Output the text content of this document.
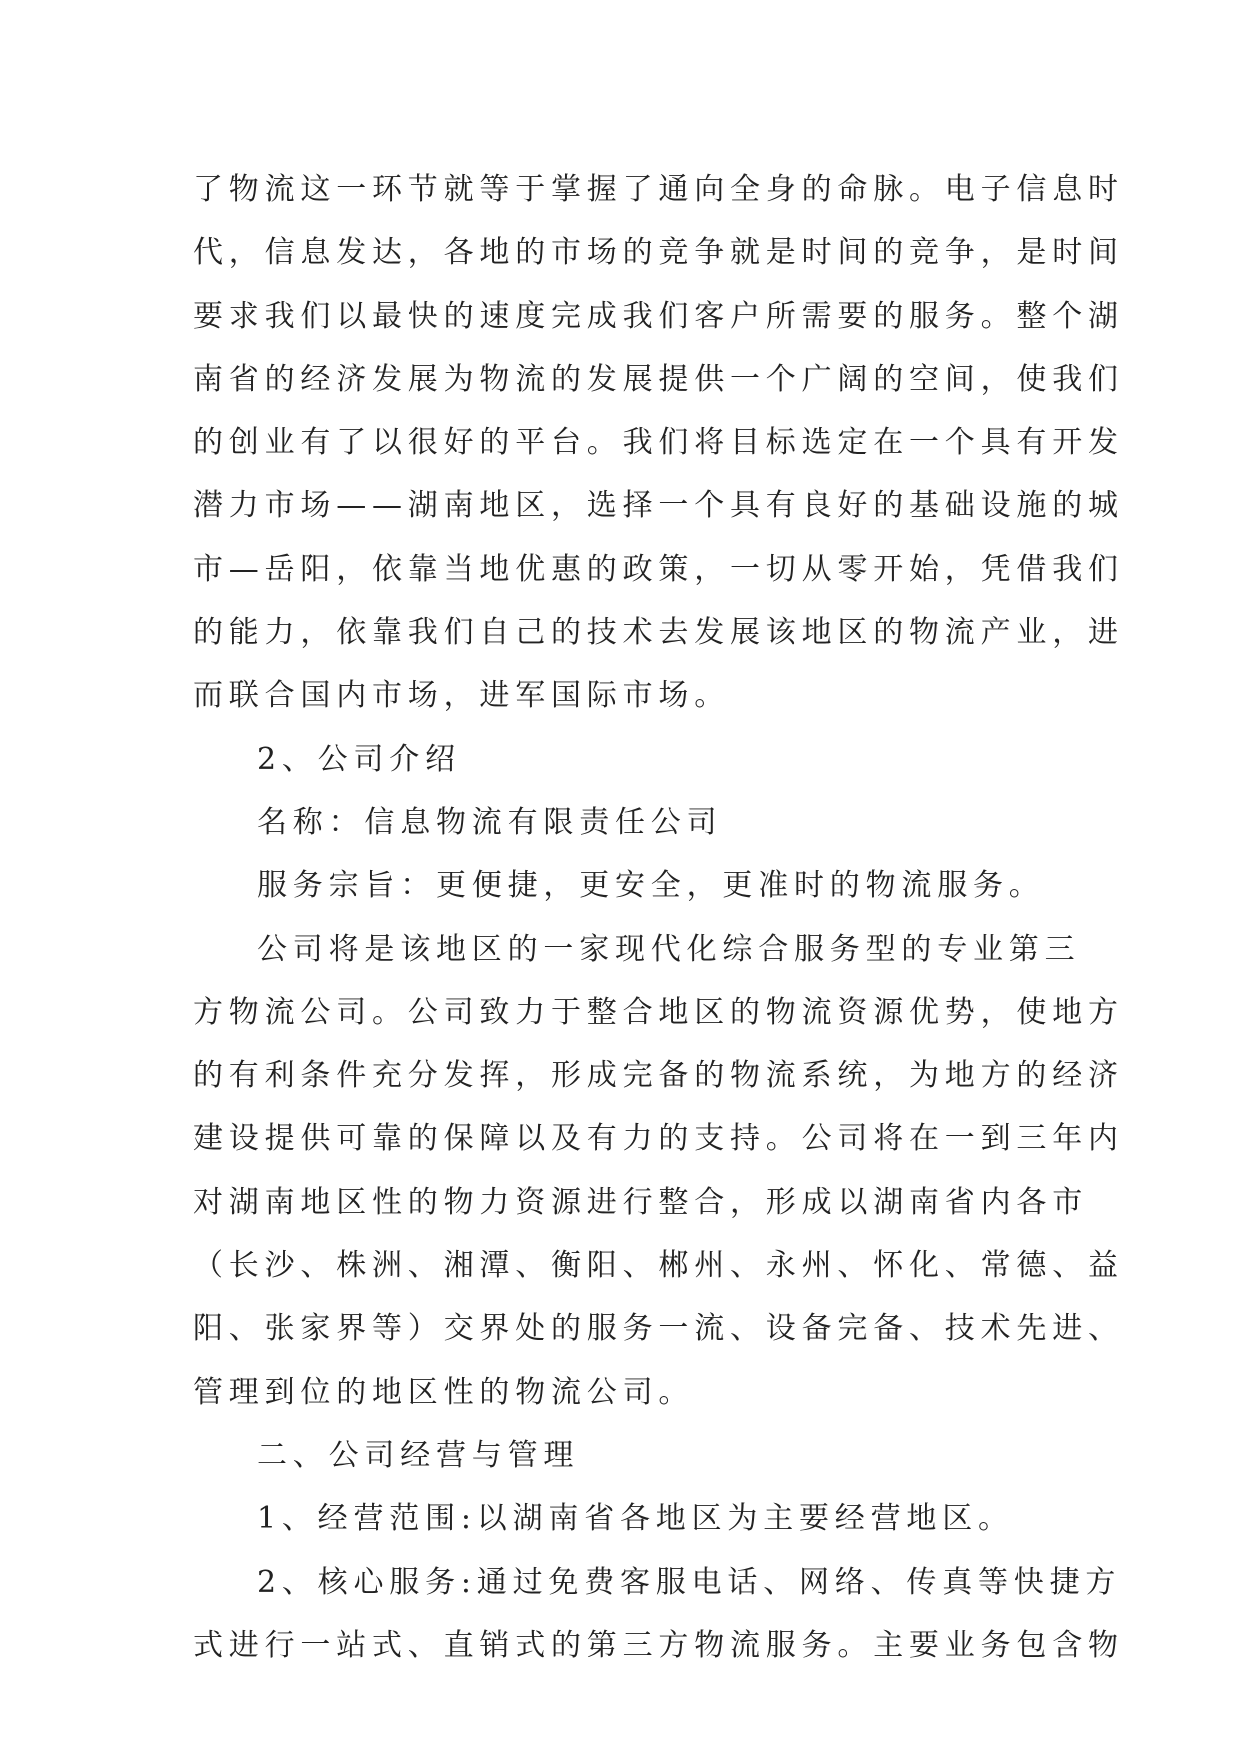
了物流这一环节就等于掌握了通向全身的命脉。电子信息时
代，信息发达，各地的市场的竞争就是时间的竞争，是时间
要求我们以最快的速度完成我们客户所需要的服务。整个湖
南省的经济发展为物流的发展提供一个广阔的空间，使我们
的创业有了以很好的平台。我们将目标选定在一个具有开发
潜力市场——湖南地区，选择一个具有良好的基础设施的城
市—岳阳，依靠当地优惠的政策，一切从零开始，凭借我们
的能力，依靠我们自己的技术去发展该地区的物流产业，进
而联合国内市场，进军国际市场。
2、公司介绍
名称：信息物流有限责任公司
服务宗旨：更便捷，更安全，更准时的物流服务。
公司将是该地区的一家现代化综合服务型的专业第三
方物流公司。公司致力于整合地区的物流资源优势，使地方
的有利条件充分发挥，形成完备的物流系统，为地方的经济
建设提供可靠的保障以及有力的支持。公司将在一到三年内
对湖南地区性的物力资源进行整合，形成以湖南省内各市
（长沙、株洲、湘潭、衡阳、郴州、永州、怀化、常德、益
阳、张家界等）交界处的服务一流、设备完备、技术先进、
管理到位的地区性的物流公司。
二、公司经营与管理
1、经营范围:以湖南省各地区为主要经营地区。
2、核心服务:通过免费客服电话、网络、传真等快捷方
式进行一站式、直销式的第三方物流服务。主要业务包含物
